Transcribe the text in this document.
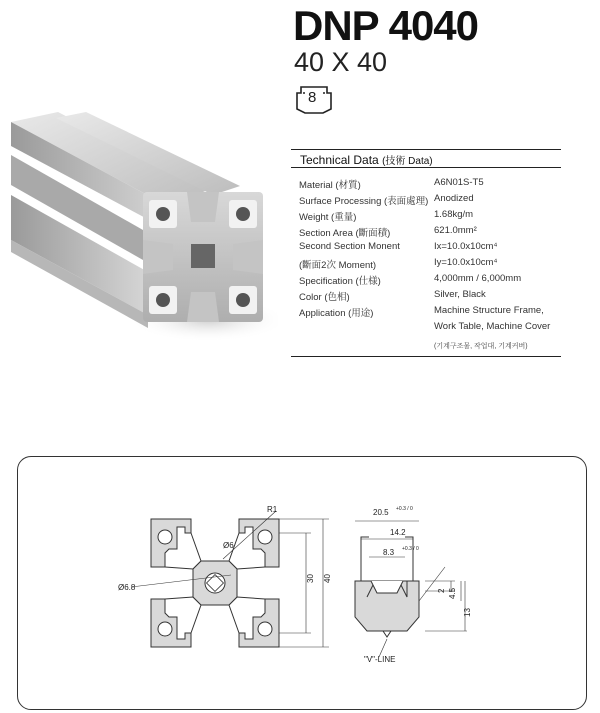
DNP 4040
40 X 40
8
Technical Data (技術 Data)
Material (材質)	A6N01S-T5
Surface Processing (表面處理) Anodized
Weight (重量)	1.68kg/m
Section Area (斷面積)	621.0mm²
Second Section Monent	Ix=10.0x10cm⁴
(斷面2次 Moment)	Iy=10.0x10cm⁴
Specification (仕様)	4,000mm / 6,000mm
Color (色相)	Silver, Black
Application (用途)	Machine Structure Frame,
Work Table, Machine Cover
(기계구조물, 작업대, 기계커버)
R1
Ø6
Ø6.8
30 40
20.5
14.2
8.3
2 4.5
13
"V"-LINE
+0.3 / 0
+0.3 / 0
